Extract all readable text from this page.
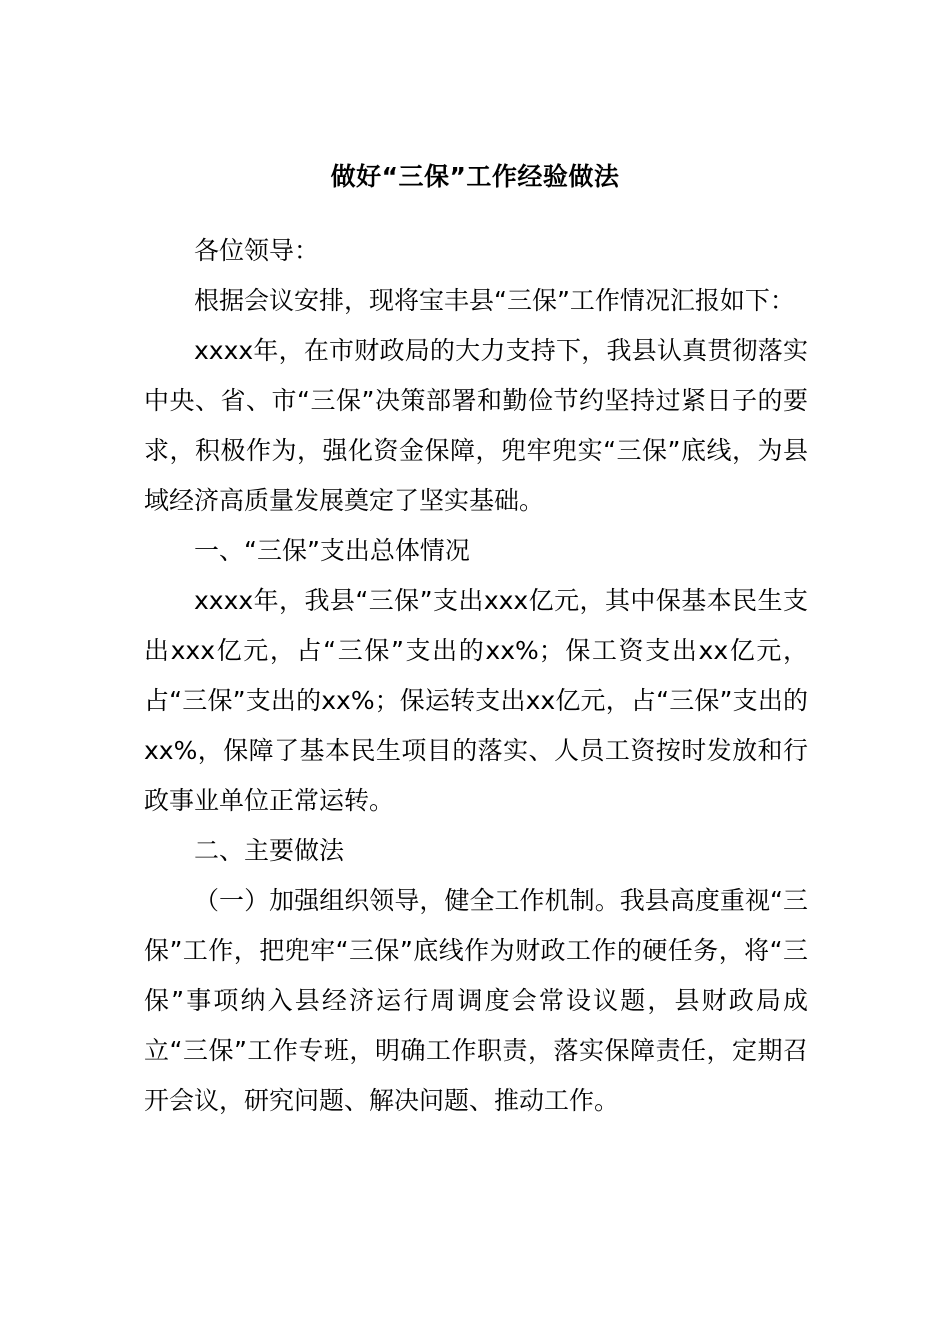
做好“三保”工作经验做法

各位领导：

根据会议安排，现将宝丰县“三保”工作情况汇报如下：

xxxx年，在市财政局的大力支持下，我县认真贯彻落实中央、省、市“三保”决策部署和勤俭节约坚持过紧日子的要求，积极作为，强化资金保障，兜牢兜实“三保”底线，为县域经济高质量发展奠定了坚实基础。

一、“三保”支出总体情况

xxxx年，我县“三保”支出xxx亿元，其中保基本民生支出xxx亿元，占“三保”支出的xx%；保工资支出xx亿元，占“三保”支出的xx%；保运转支出xx亿元，占“三保”支出的xx%，保障了基本民生项目的落实、人员工资按时发放和行政事业单位正常运转。

二、主要做法

（一）加强组织领导，健全工作机制。我县高度重视“三保”工作，把兜牢“三保”底线作为财政工作的硬任务，将“三保”事项纳入县经济运行周调度会常设议题，县财政局成立“三保”工作专班，明确工作职责，落实保障责任，定期召开会议，研究问题、解决问题、推动工作。
